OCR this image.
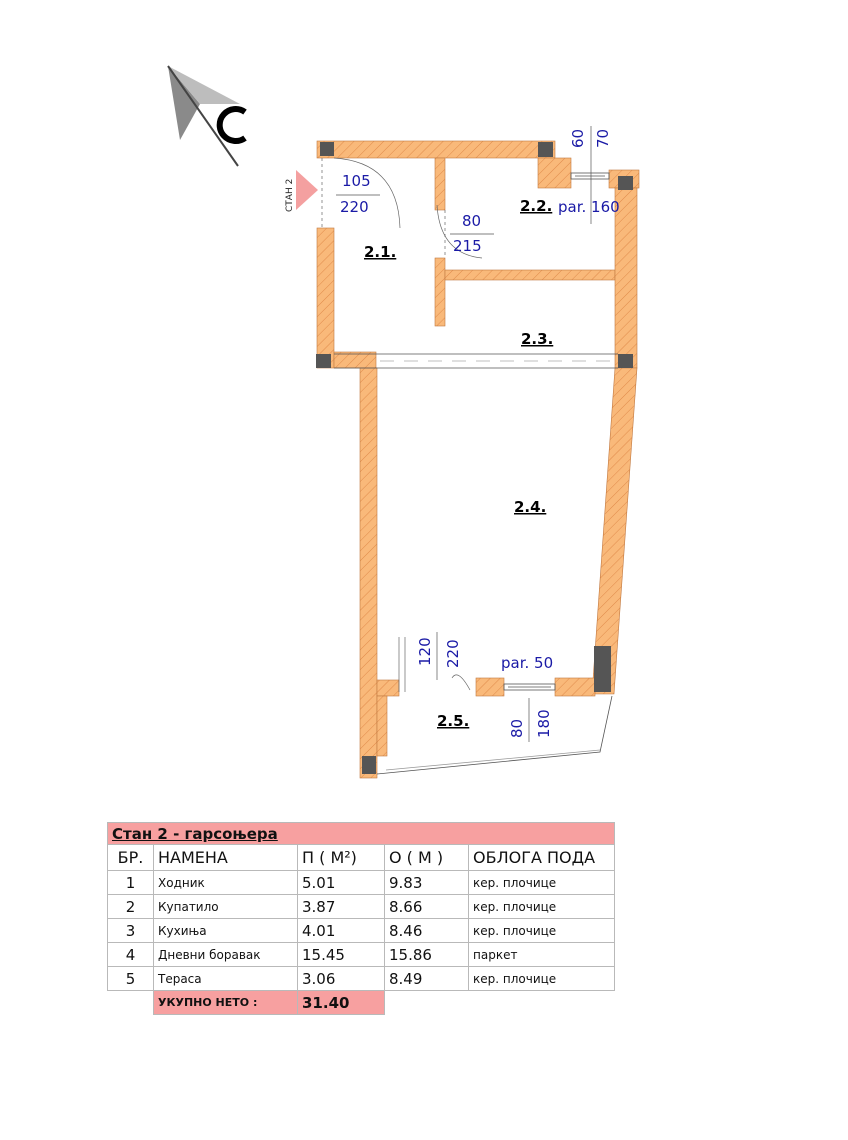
СТАН 2
2.1.
2.2.
2.3.
2.4.
2.5.
105
220
80
215
60 70
par. 160
120 220	par. 50
80 180
Стан 2 - гарсоњера				
БР.	НАМЕНА	П ( М²)	О ( М )	ОБЛОГА ПОДА
1	Ходник	5.01	9.83	кер. плочице
2	Купатило	3.87	8.66	кер. плочице
3	Кухиња	4.01	8.46	кер. плочице
4	Дневни боравак	15.45	15.86	паркет
5	Тераса	3.06	8.49	кер. плочице
	УКУПНО НЕТО :	31.40		
